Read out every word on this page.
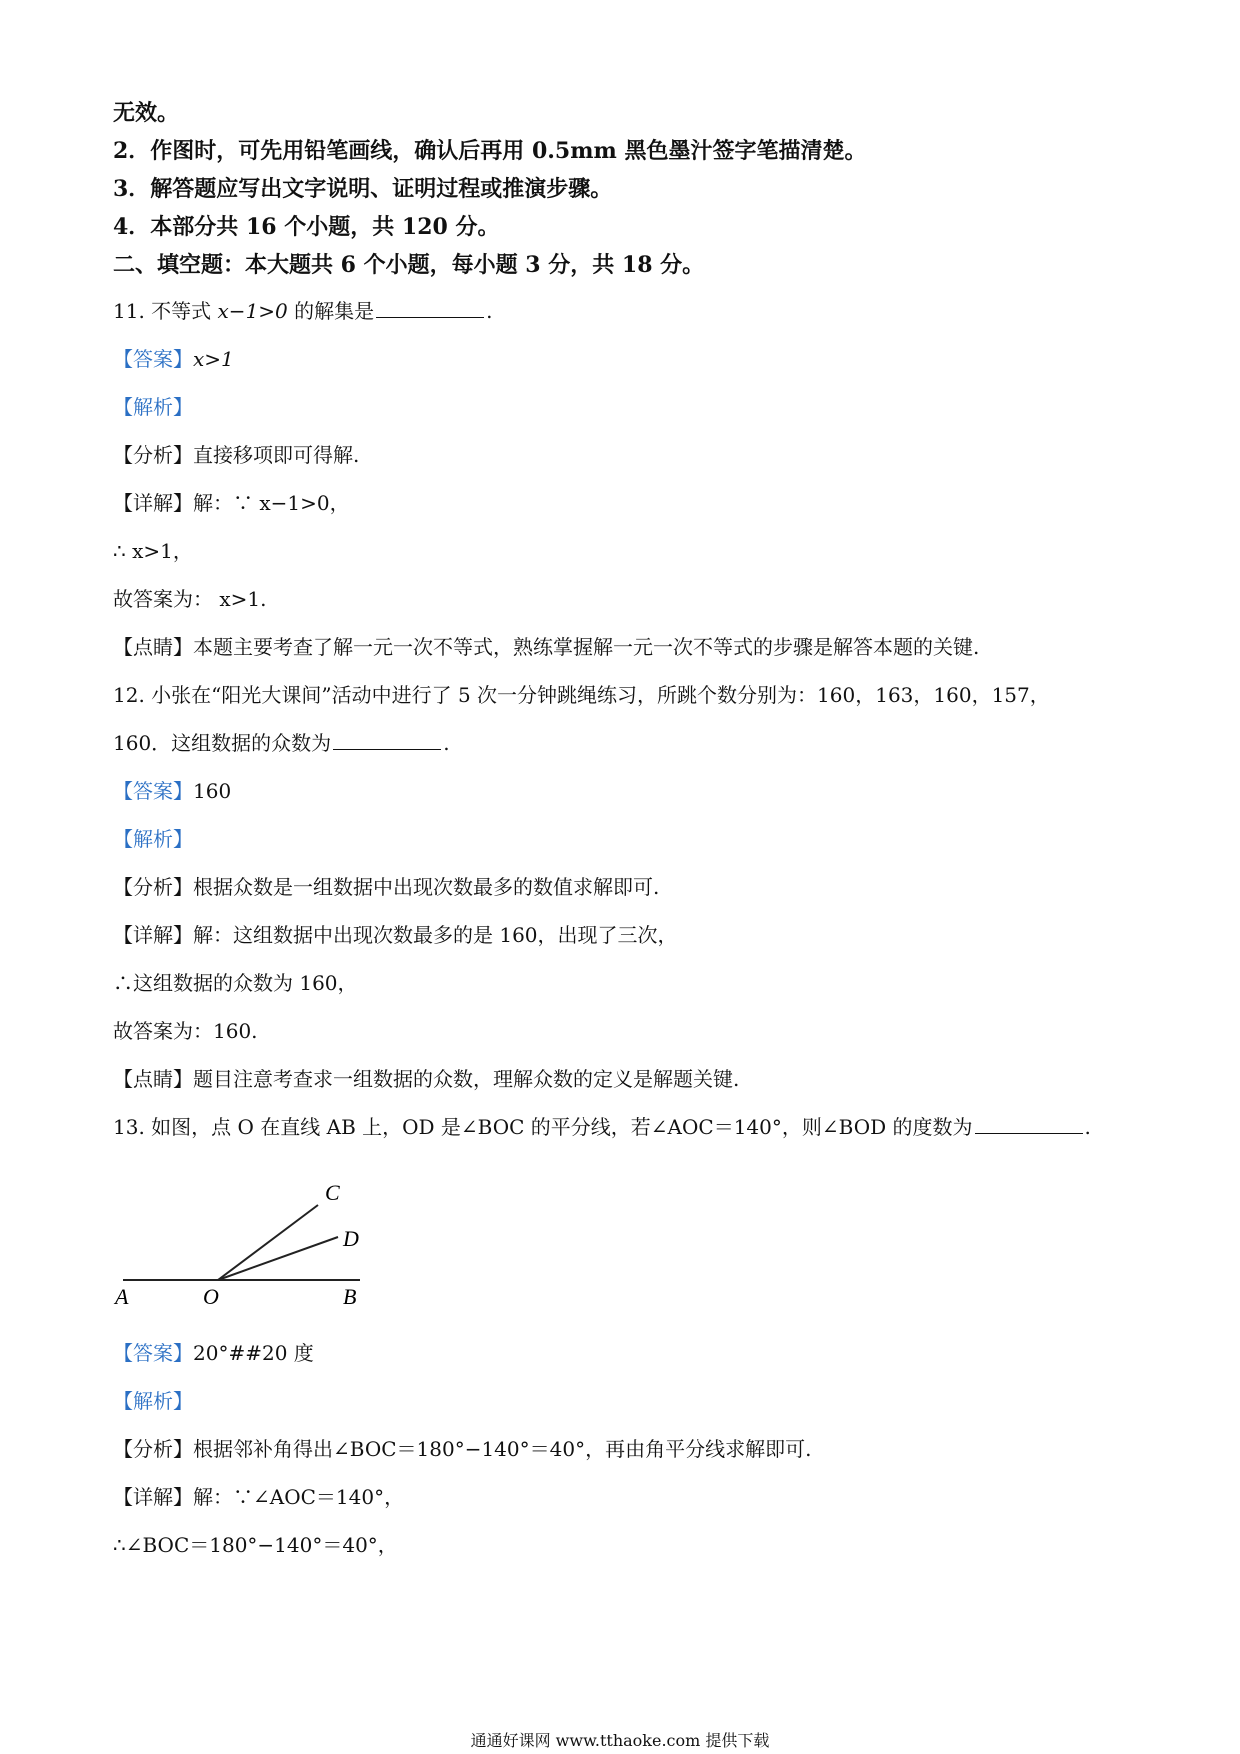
无效。
2．作图时，可先用铅笔画线，确认后再用 0.5mm 黑色墨汁签字笔描清楚。
3．解答题应写出文字说明、证明过程或推演步骤。
4．本部分共 16 个小题，共 120 分。
二、填空题：本大题共 6 个小题，每小题 3 分，共 18 分。
11. 不等式 x−1>0 的解集是	.
【答案】x>1
【解析】
【分析】直接移项即可得解.
【详解】解：∵ x−1>0，
∴ x>1，
故答案为： x>1.
【点睛】本题主要考查了解一元一次不等式，熟练掌握解一元一次不等式的步骤是解答本题的关键.
12. 小张在“阳光大课间”活动中进行了 5 次一分钟跳绳练习，所跳个数分别为：160，163，160，157，
160．这组数据的众数为	.
【答案】160
【解析】
【分析】根据众数是一组数据中出现次数最多的数值求解即可.
【详解】解：这组数据中出现次数最多的是 160，出现了三次，
∴这组数据的众数为 160，
故答案为：160.
【点睛】题目注意考查求一组数据的众数，理解众数的定义是解题关键.
13. 如图，点 O 在直线 AB 上，OD 是∠BOC 的平分线，若∠AOC＝140°，则∠BOD 的度数为	.
A	O	B
C
D
【答案】20°##20 度
【解析】
【分析】根据邻补角得出∠BOC＝180°−140°＝40°，再由角平分线求解即可.
【详解】解：∵∠AOC＝140°，
∴∠BOC＝180°−140°＝40°，
通通好课网 www.tthaoke.com 提供下载
